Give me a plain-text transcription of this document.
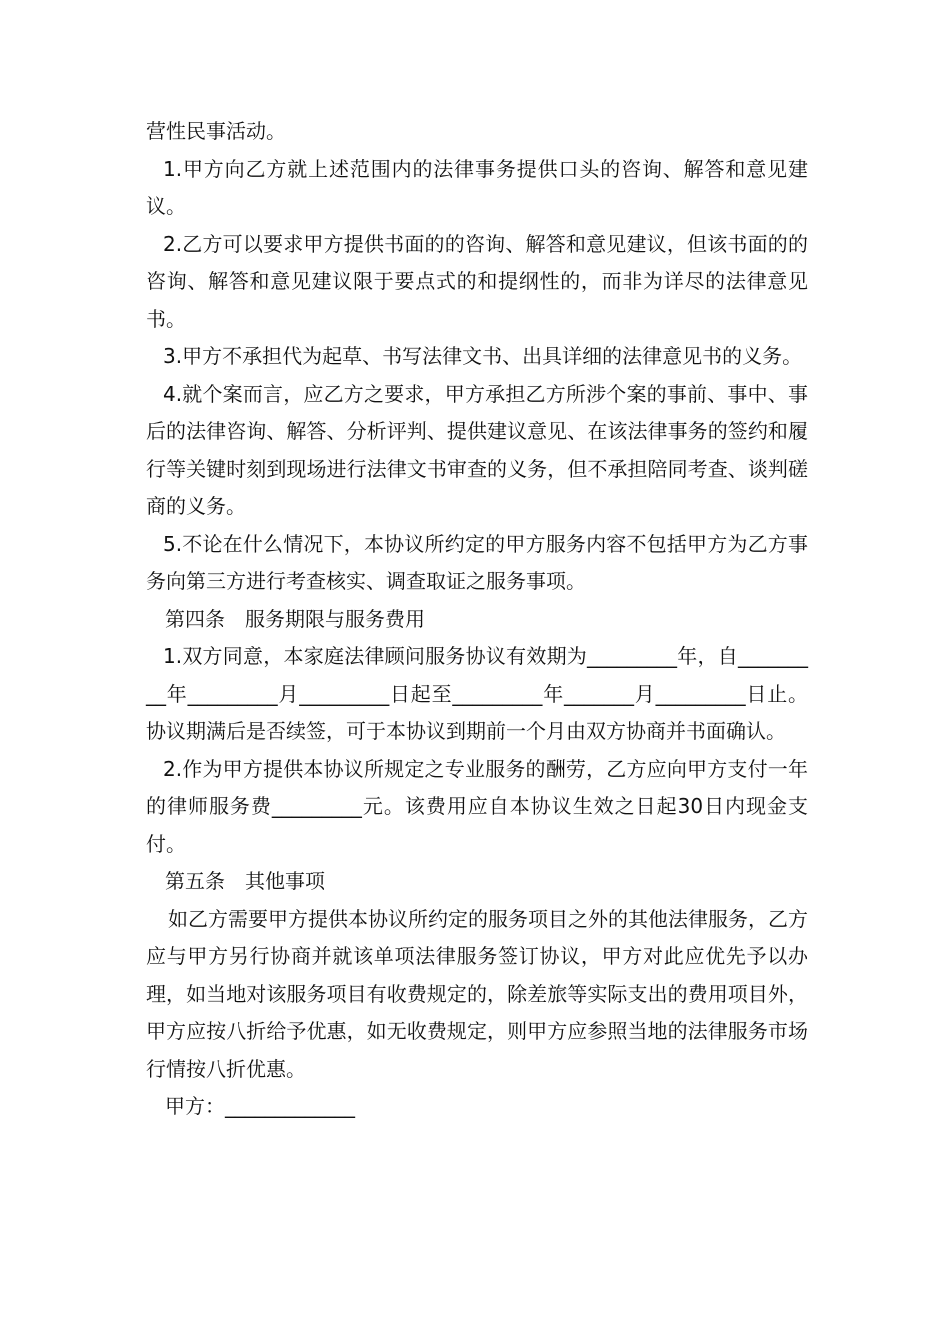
营性民事活动。

1.甲方向乙方就上述范围内的法律事务提供口头的咨询、解答和意见建议。

2.乙方可以要求甲方提供书面的的咨询、解答和意见建议，但该书面的的咨询、解答和意见建议限于要点式的和提纲性的，而非为详尽的法律意见书。

3.甲方不承担代为起草、书写法律文书、出具详细的法律意见书的义务。

4.就个案而言，应乙方之要求，甲方承担乙方所涉个案的事前、事中、事后的法律咨询、解答、分析评判、提供建议意见、在该法律事务的签约和履行等关键时刻到现场进行法律文书审查的义务，但不承担陪同考查、谈判磋商的义务。

5.不论在什么情况下，本协议所约定的甲方服务内容不包括甲方为乙方事务向第三方进行考查核实、调查取证之服务事项。

第四条　服务期限与服务费用

1.双方同意，本家庭法律顾问服务协议有效期为_________年，自_________年_________月_________日起至_________年_______月_________日止。协议期满后是否续签，可于本协议到期前一个月由双方协商并书面确认。

2.作为甲方提供本协议所规定之专业服务的酬劳，乙方应向甲方支付一年的律师服务费_________元。该费用应自本协议生效之日起30日内现金支付。

第五条　其他事项

如乙方需要甲方提供本协议所约定的服务项目之外的其他法律服务，乙方应与甲方另行协商并就该单项法律服务签订协议，甲方对此应优先予以办理，如当地对该服务项目有收费规定的，除差旅等实际支出的费用项目外，甲方应按八折给予优惠，如无收费规定，则甲方应参照当地的法律服务市场行情按八折优惠。

甲方：_____________
